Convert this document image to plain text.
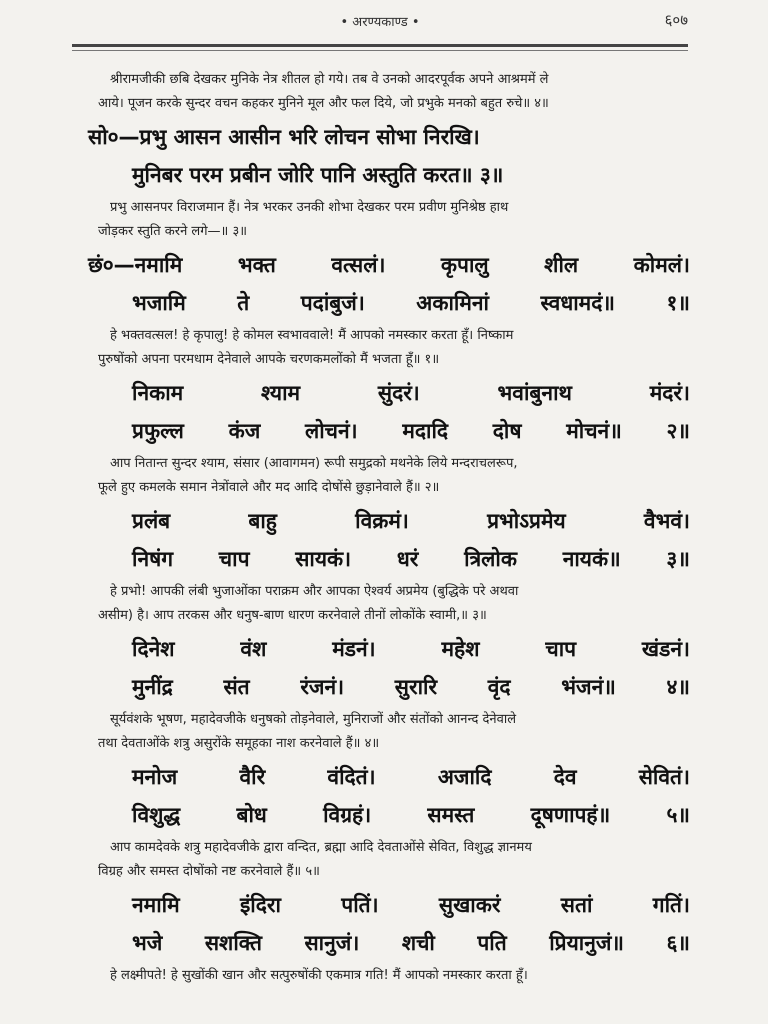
• अरण्यकाण्ड •	६०७

श्रीरामजीकी छबि देखकर मुनिके नेत्र शीतल हो गये। तब वे उनको आदरपूर्वक अपने आश्रममें ले

आये। पूजन करके सुन्दर वचन कहकर मुनिने मूल और फल दिये, जो प्रभुके मनको बहुत रुचे॥ ४॥

सो०—प्रभु आसन आसीन भरि लोचन सोभा निरखि।
मुनिबर परम प्रबीन जोरि पानि अस्तुति करत॥ ३॥

प्रभु आसनपर विराजमान हैं। नेत्र भरकर उनकी शोभा देखकर परम प्रवीण मुनिश्रेष्ठ हाथ

जोड़कर स्तुति करने लगे—॥ ३॥

छं०—नमामि	भक्त	वत्सलं।	कृपालु	शील	कोमलं।
भजामि ते पदांबुजं। अकामिनां स्वधामदं॥ १॥

हे भक्तवत्सल! हे कृपालु! हे कोमल स्वभाववाले! मैं आपको नमस्कार करता हूँ। निष्काम

पुरुषोंको अपना परमधाम देनेवाले आपके चरणकमलोंको मैं भजता हूँ॥ १॥

निकाम	श्याम	सुंदरं।	भवांबुनाथ	मंदरं।
प्रफुल्ल कंज लोचनं। मदादि दोष मोचनं॥ २॥

आप नितान्त सुन्दर श्याम, संसार (आवागमन) रूपी समुद्रको मथनेके लिये मन्दराचलरूप,

फूले हुए कमलके समान नेत्रोंवाले और मद आदि दोषोंसे छुड़ानेवाले हैं॥ २॥

प्रलंब	बाहु	विक्रमं।	प्रभोऽप्रमेय	वैभवं।
निषंग चाप सायकं। धरं त्रिलोक नायकं॥ ३॥

हे प्रभो! आपकी लंबी भुजाओंका पराक्रम और आपका ऐश्वर्य अप्रमेय (बुद्धिके परे अथवा

असीम) है। आप तरकस और धनुष-बाण धारण करनेवाले तीनों लोकोंके स्वामी,॥ ३॥

दिनेश	वंश	मंडनं।	महेश	चाप	खंडनं।
मुनींद्र संत रंजनं। सुरारि वृंद भंजनं॥ ४॥

सूर्यवंशके भूषण, महादेवजीके धनुषको तोड़नेवाले, मुनिराजों और संतोंको आनन्द देनेवाले

तथा देवताओंके शत्रु असुरोंके समूहका नाश करनेवाले हैं॥ ४॥

मनोज	वैरि	वंदितं।	अजादि	देव	सेवितं।
विशुद्ध	बोध	विग्रहं।	समस्त	दूषणापहं॥	५॥

आप कामदेवके शत्रु महादेवजीके द्वारा वन्दित, ब्रह्मा आदि देवताओंसे सेवित, विशुद्ध ज्ञानमय

विग्रह और समस्त दोषोंको नष्ट करनेवाले हैं॥ ५॥

नमामि	इंदिरा	पतिं।	सुखाकरं	सतां	गतिं।
भजे सशक्ति सानुजं। शची पति प्रियानुजं॥ ६॥

हे लक्ष्मीपते! हे सुखोंकी खान और सत्पुरुषोंकी एकमात्र गति! मैं आपको नमस्कार करता हूँ।
